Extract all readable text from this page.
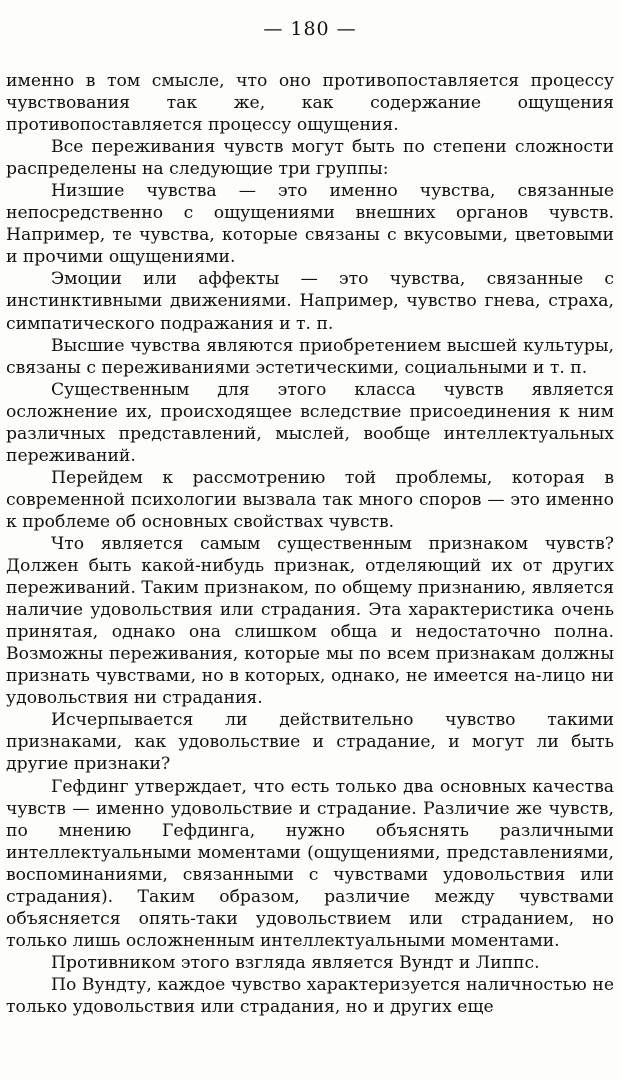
— 180 —

именно в том смысле, что оно противопоставляется процессу чувствования так же, как содержание ощущения противопоставляется процессу ощущения.

Все переживания чувств могут быть по степени сложности распределены на следующие три группы:

Низшие чувства — это именно чувства, связанные непосредственно с ощущениями внешних органов чувств. Например, те чувства, которые связаны с вкусовыми, цветовыми и прочими ощущениями.

Эмоции или аффекты — это чувства, связанные с инстинктивными движениями. Например, чувство гнева, страха, симпатического подражания и т. п.

Высшие чувства являются приобретением высшей культуры, связаны с переживаниями эстетическими, социальными и т. п.

Существенным для этого класса чувств является осложнение их, происходящее вследствие присоединения к ним различных представлений, мыслей, вообще интеллектуальных переживаний.

Перейдем к рассмотрению той проблемы, которая в современной психологии вызвала так много споров — это именно к проблеме об основных свойствах чувств.

Что является самым существенным признаком чувств? Должен быть какой-нибудь признак, отделяющий их от других переживаний. Таким признаком, по общему признанию, является наличие удовольствия или страдания. Эта характеристика очень принятая, однако она слишком обща и недостаточно полна. Возможны переживания, которые мы по всем признакам должны признать чувствами, но в которых, однако, не имеется на-лицо ни удовольствия ни страдания.

Исчерпывается ли действительно чувство такими признаками, как удовольствие и страдание, и могут ли быть другие признаки?

Гефдинг утверждает, что есть только два основных качества чувств — именно удовольствие и страдание. Различие же чувств, по мнению Гефдинга, нужно объяснять различными интеллектуальными моментами (ощущениями, представлениями, воспоминаниями, связанными с чувствами удовольствия или страдания). Таким образом, различие между чувствами объясняется опять-таки удовольствием или страданием, но только лишь осложненным интеллектуальными моментами.

Противником этого взгляда является Вундт и Липпс.

По Вундту, каждое чувство характеризуется наличностью не только удовольствия или страдания, но и других еще
